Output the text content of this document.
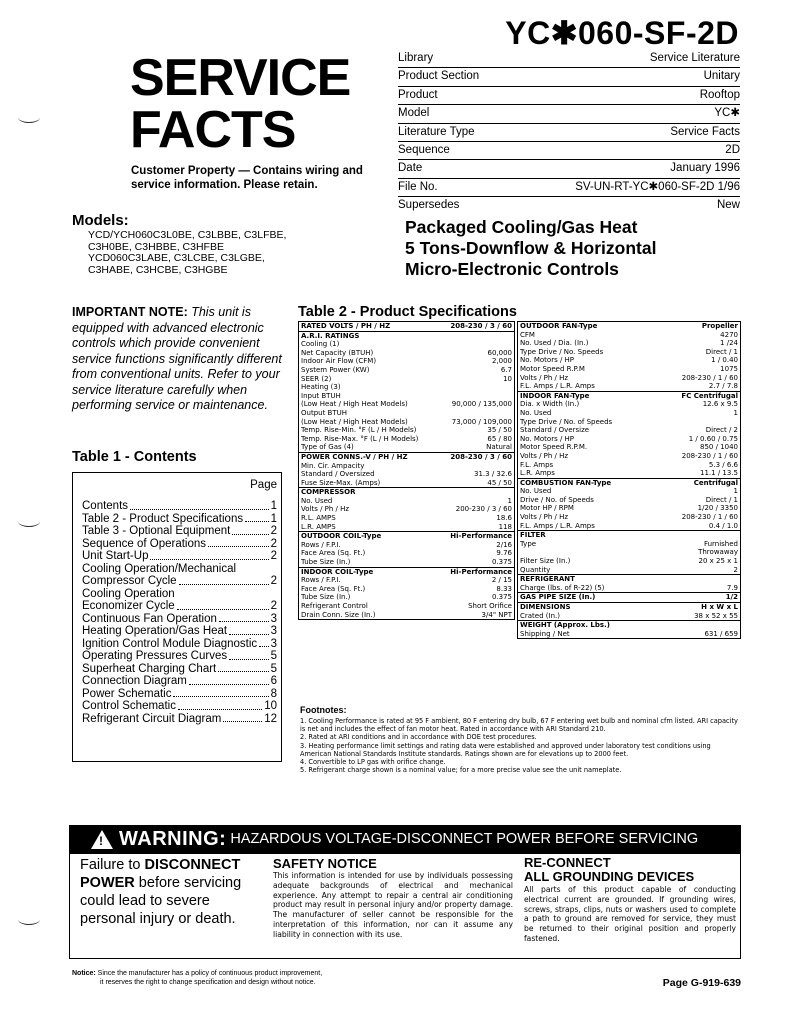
YC✱060-SF-2D
SERVICE
FACTS
Customer Property — Contains wiring and service information. Please retain.
Library	Service Literature
Product Section	Unitary
Product	Rooftop
Model	YC✱
Literature Type	Service Facts
Sequence	2D
Date	January 1996
File No.	SV-UN-RT-YC✱060-SF-2D 1/96
Supersedes	New
Models:
YCD/YCH060C3L0BE, C3LBBE, C3LFBE,
C3H0BE, C3HBBE, C3HFBE
YCD060C3LABE, C3LCBE, C3LGBE,
C3HABE, C3HCBE, C3HGBE
Packaged Cooling/Gas Heat
5 Tons-Downflow & Horizontal
Micro-Electronic Controls
IMPORTANT NOTE: This unit is equipped with advanced electronic controls which provide convenient service functions significantly different from conventional units. Refer to your service literature carefully when performing service or maintenance.
Table 1 - Contents
Page
Contents	1
Table 2 - Product Specifications 1
Table 3 - Optional Equipment	2
Sequence of Operations	2
Unit Start-Up	2
Cooling Operation/Mechanical
Compressor Cycle	2
Cooling Operation
Economizer Cycle	2
Continuous Fan Operation	3
Heating Operation/Gas Heat	3
Ignition Control Module Diagnostic 3
Operating Pressures Curves	5
Superheat Charging Chart	5
Connection Diagram	6
Power Schematic	8
Control Schematic	10
Refrigerant Circuit Diagram	12
Table 2 - Product Specifications
RATED VOLTS / PH / HZ	208-230 / 3 / 60
A.R.I. RATINGS
Cooling (1)
Net Capacity (BTUH)	60,000
Indoor Air Flow (CFM)	2,000
System Power (KW)	6.7
SEER (2)	10
Heating (3)
Input BTUH
(Low Heat / High Heat Models)	90,000 / 135,000
Output BTUH
(Low Heat / High Heat Models)	73,000 / 109,000
Temp. Rise-Min. °F (L / H Models)	35 / 50
Temp. Rise-Max. °F (L / H Models)	65 / 80
Type of Gas (4)	Natural
POWER CONNS.-V / PH / HZ	208-230 / 3 / 60
Min. Cir. Ampacity
Standard / Oversized	31.3 / 32.6
Fuse Size-Max. (Amps)	45 / 50
COMPRESSOR
No. Used	1
Volts / Ph / Hz	200-230 / 3 / 60
R.L. AMPS	18.6
L.R. AMPS	118
OUTDOOR COIL-Type	Hi-Performance
Rows / F.P.I.	2/16
Face Area (Sq. Ft.)	9.76
Tube Size (In.)	0.375
INDOOR COIL-Type	Hi-Performance
Rows / F.P.I.	2 / 15
Face Area (Sq. Ft.)	8.33
Tube Size (In.)	0.375
Refrigerant Control	Short Orifice
Drain Conn. Size (In.)	3/4" NPT
OUTDOOR FAN-Type	Propeller
CFM	4270
No. Used / Dia. (In.)	1 /24
Type Drive / No. Speeds	Direct / 1
No. Motors / HP	1 / 0.40
Motor Speed R.P.M	1075
Volts / Ph / Hz	208-230 / 1 / 60
F.L. Amps / L.R. Amps	2.7 / 7.8
INDOOR FAN-Type	FC Centrifugal
Dia. x Width (In.)	12.6 x 9.5
No. Used	1
Type Drive / No. of Speeds
Standard / Oversize	Direct / 2
No. Motors / HP	1 / 0.60 / 0.75
Motor Speed R.P.M.	850 / 1040
Volts / Ph / Hz	208-230 / 1 / 60
F.L. Amps	5.3 / 6.6
L.R. Amps	11.1 / 13.5
COMBUSTION FAN-Type	Centrifugal
No. Used	1
Drive / No. of Speeds	Direct / 1
Motor HP / RPM	1/20 / 3350
Volts / Ph / Hz	208-230 / 1 / 60
F.L. Amps / L.R. Amps	0.4 / 1.0
FILTER
Type	Furnished
Throwaway
Filter Size (In.)	20 x 25 x 1
Quantity	2
REFRIGERANT
Charge (lbs. of R-22) (5)	7.9
GAS PIPE SIZE (In.)	1/2
DIMENSIONS	H x W x L
Crated (In.)	38 x 52 x 55
WEIGHT (Approx. Lbs.)
Shipping / Net	631 / 659
Footnotes:
1. Cooling Performance is rated at 95 F ambient, 80 F entering dry bulb, 67 F entering wet bulb and nominal cfm listed. ARI capacity is net and includes the effect of fan motor heat. Rated in accordance with ARI Standard 210.
2. Rated at ARI conditions and in accordance with DOE test procedures.
3. Heating performance limit settings and rating data were established and approved under laboratory test conditions using American National Standards Institute standards. Ratings shown are for elevations up to 2000 feet.
4. Convertible to LP gas with orifice change.
5. Refrigerant charge shown is a nominal value; for a more precise value see the unit nameplate.
! WARNING: HAZARDOUS VOLTAGE-DISCONNECT POWER BEFORE SERVICING
Failure to DISCONNECT POWER before servicing could lead to severe personal injury or death.
SAFETY NOTICE
This information is intended for use by individuals possessing adequate backgrounds of electrical and mechanical experience. Any attempt to repair a central air conditioning product may result in personal injury and/or property damage. The manufacturer of seller cannot be responsible for the interpretation of this information, nor can it assume any liability in connection with its use.
RE-CONNECT
ALL GROUNDING DEVICES
All parts of this product capable of conducting electrical current are grounded. If grounding wires, screws, straps, clips, nuts or washers used to complete a path to ground are removed for service, they must be returned to their original position and properly fastened.
Notice: Since the manufacturer has a policy of continuous product improvement,
it reserves the right to change specification and design without notice.	Page G-919-639
